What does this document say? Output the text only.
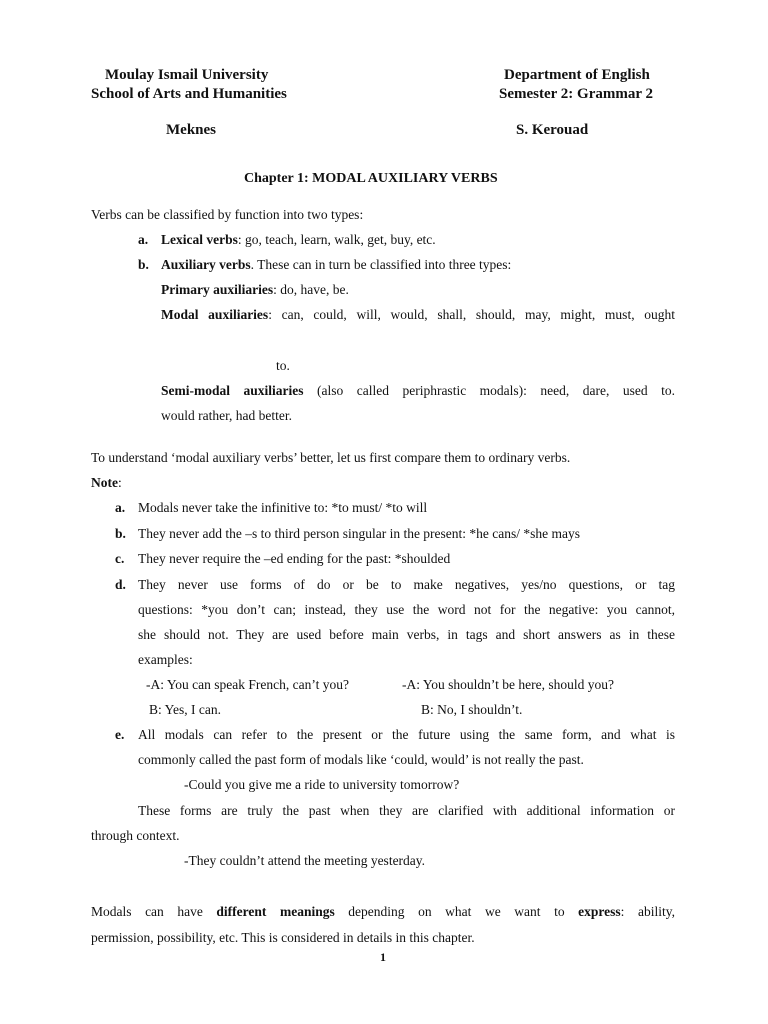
Moulay Ismail University
School of Arts and Humanities
Meknes
Department of English
Semester 2: Grammar 2
S. Kerouad
Chapter 1: MODAL AUXILIARY VERBS
Verbs can be classified by function into two types:
a. Lexical verbs: go, teach, learn, walk, get, buy, etc.
b. Auxiliary verbs. These can in turn be classified into three types:
Primary auxiliaries: do, have, be.
Modal auxiliaries: can, could, will, would, shall, should, may, might, must, ought
to.
Semi-modal auxiliaries (also called periphrastic modals): need, dare, used to.
would rather, had better.
To understand ‘modal auxiliary verbs’ better, let us first compare them to ordinary verbs.
Note:
a. Modals never take the infinitive to: *to must/ *to will
b. They never add the –s to third person singular in the present: *he cans/ *she mays
c. They never require the –ed ending for the past: *shoulded
d. They never use forms of do or be to make negatives, yes/no questions, or tag
questions: *you don’t can; instead, they use the word not for the negative: you cannot,
she should not. They are used before main verbs, in tags and short answers as in these
examples:
-A: You can speak French, can’t you?	-A: You shouldn’t be here, should you?
B: Yes, I can.	B: No, I shouldn’t.
e. All modals can refer to the present or the future using the same form, and what is
commonly called the past form of modals like ‘could, would’ is not really the past.
-Could you give me a ride to university tomorrow?
These forms are truly the past when they are clarified with additional information or
through context.
-They couldn’t attend the meeting yesterday.
Modals can have different meanings depending on what we want to express: ability,
permission, possibility, etc. This is considered in details in this chapter.
1
